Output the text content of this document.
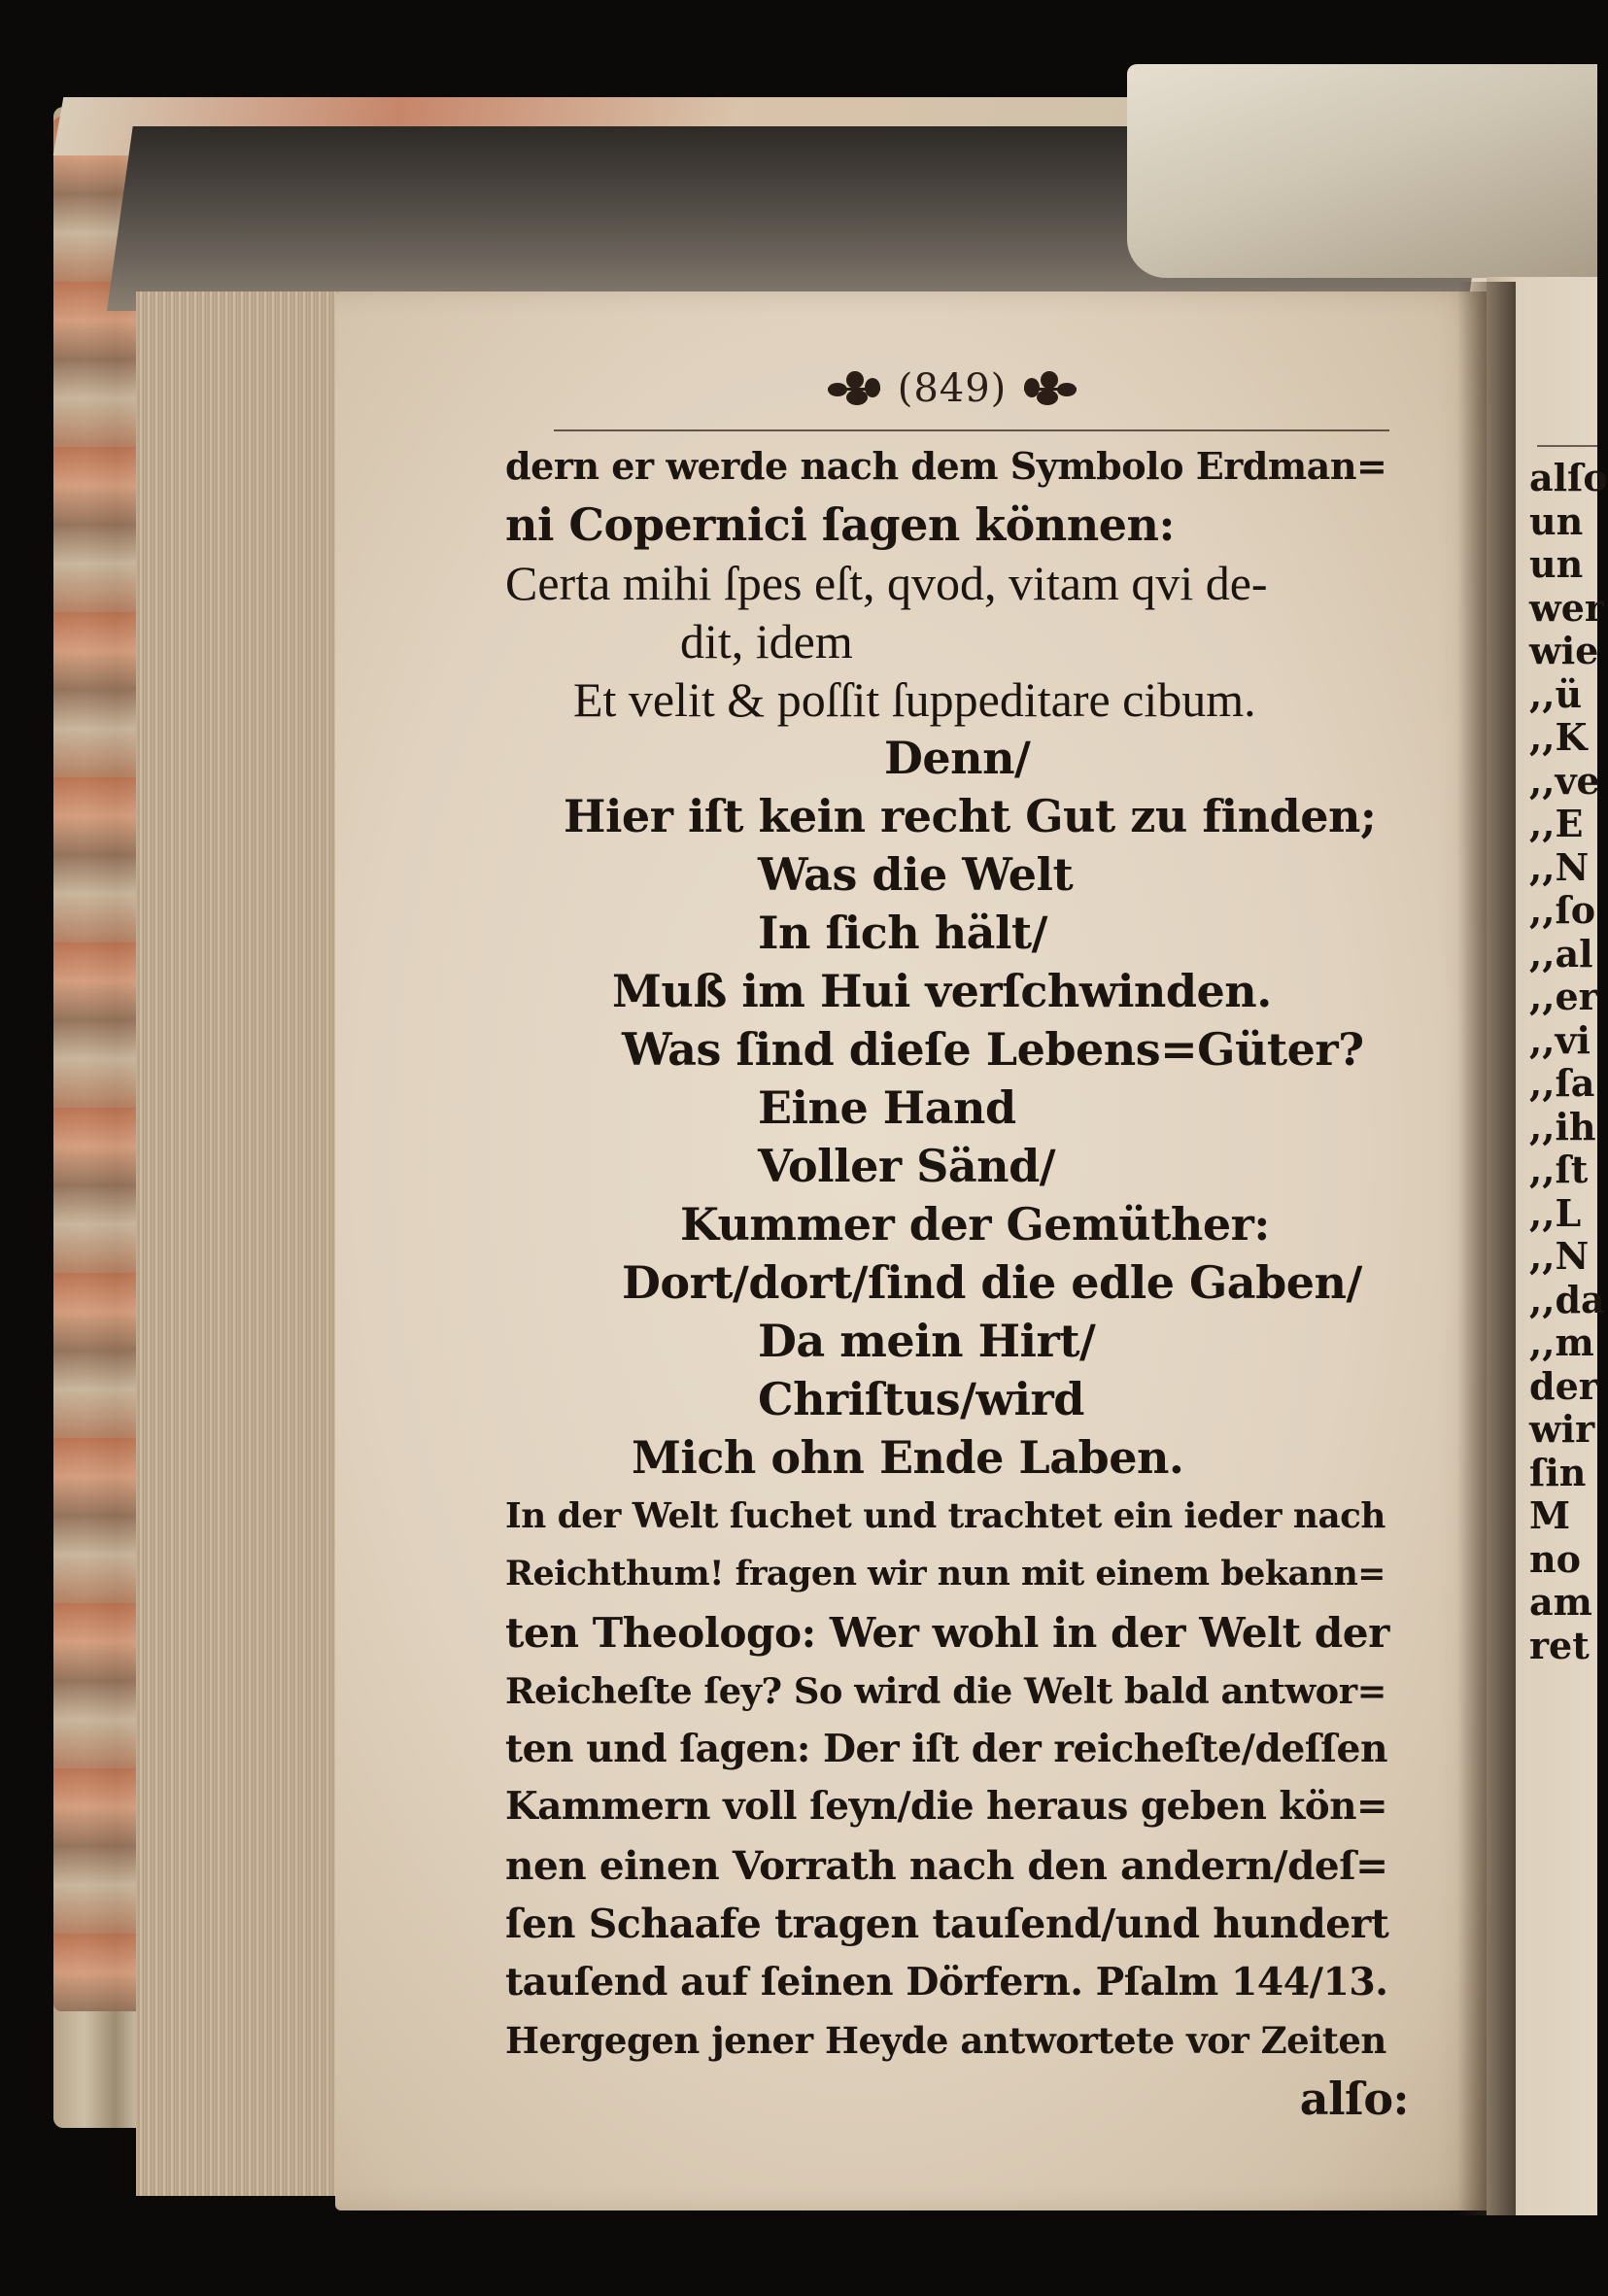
(849)
dern er werde nach dem Symbolo Erdman=
ni Copernici ſagen können:
Certa mihi ſpes eſt, qvod, vitam qvi de-
dit, idem
Et velit & poſſit ſuppeditare cibum.
Denn/
Hier iſt kein recht Gut zu finden;
Was die Welt
In ſich hält/
Muß im Hui verſchwinden.
Was ſind dieſe Lebens=Güter?
Eine Hand
Voller Sänd/
Kummer der Gemüther:
Dort/dort/ſind die edle Gaben/
Da mein Hirt/
Chriſtus/wird
Mich ohn Ende Laben.
In der Welt ſuchet und trachtet ein ieder nach
Reichthum! fragen wir nun mit einem bekann=
ten Theologo: Wer wohl in der Welt der
Reicheſte ſey? So wird die Welt bald antwor=
ten und ſagen: Der iſt der reicheſte/deſſen
Kammern voll ſeyn/die heraus geben kön=
nen einen Vorrath nach den andern/deſ=
ſen Schaafe tragen tauſend/und hundert
tauſend auf ſeinen Dörfern. Pſalm 144/13.
Hergegen jener Heyde antwortete vor Zeiten
alſo:
alſo
un
un
wer
wie
,,ü
,,K
,,ve
,,E
,,N
,,ſo
,,al
,,er
,,vi
,,ſa
,,ih
,,ſt
,,L
,,N
,,da
,,m
der
wir
ſin
M
no
am
ret
